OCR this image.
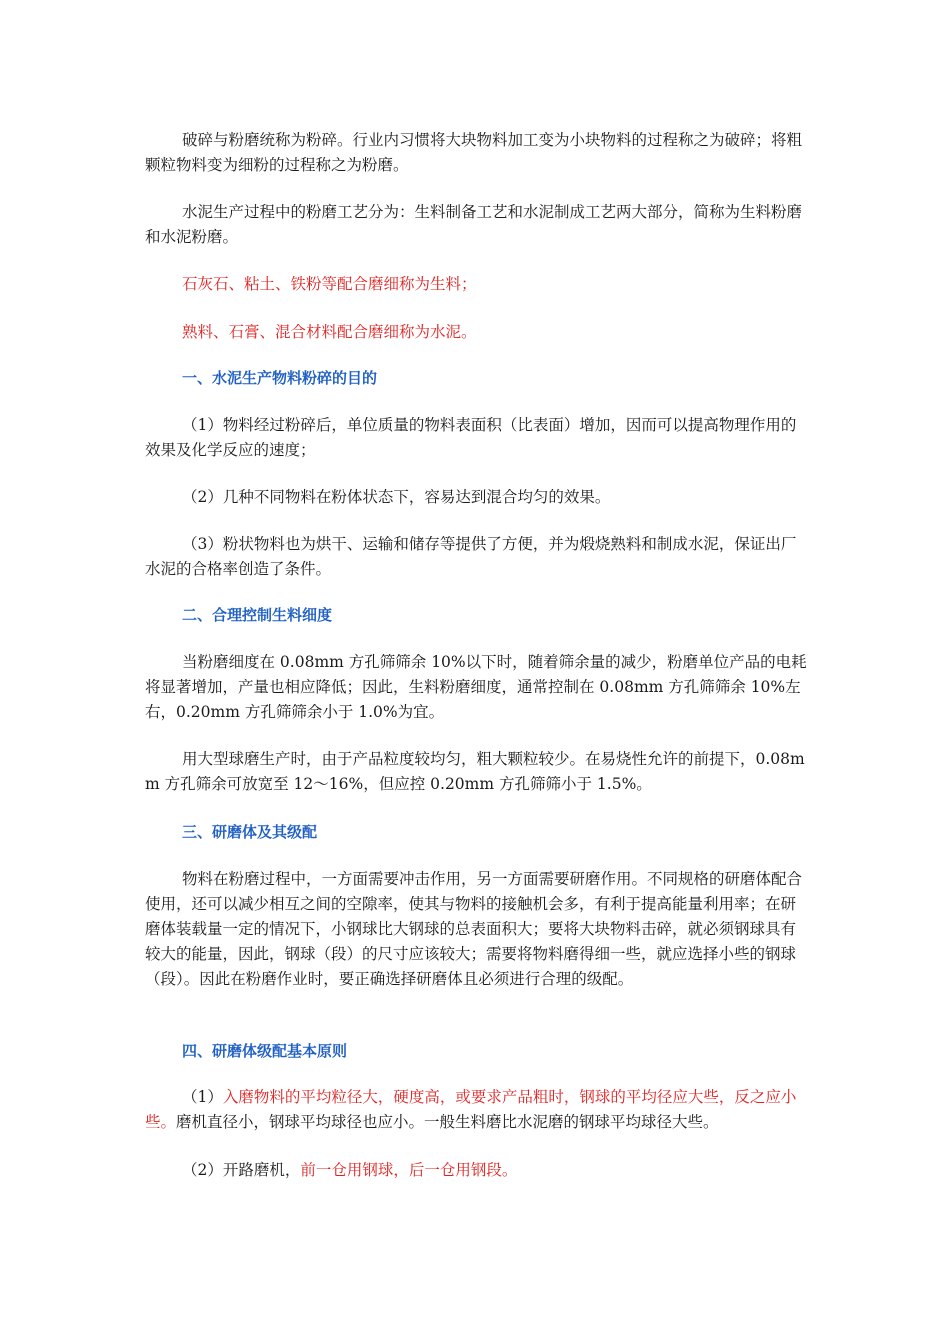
破碎与粉磨统称为粉碎。行业内习惯将大块物料加工变为小块物料的过程称之为破碎；将粗颗粒物料变为细粉的过程称之为粉磨。

水泥生产过程中的粉磨工艺分为：生料制备工艺和水泥制成工艺两大部分，简称为生料粉磨和水泥粉磨。

石灰石、粘土、铁粉等配合磨细称为生料；

熟料、石膏、混合材料配合磨细称为水泥。

一、水泥生产物料粉碎的目的

（1）物料经过粉碎后，单位质量的物料表面积（比表面）增加，因而可以提高物理作用的效果及化学反应的速度；

（2）几种不同物料在粉体状态下，容易达到混合均匀的效果。

（3）粉状物料也为烘干、运输和储存等提供了方便，并为煅烧熟料和制成水泥，保证出厂水泥的合格率创造了条件。

二、合理控制生料细度

当粉磨细度在 0.08mm 方孔筛筛余 10%以下时，随着筛余量的减少，粉磨单位产品的电耗将显著增加，产量也相应降低；因此，生料粉磨细度，通常控制在 0.08mm 方孔筛筛余 10%左右，0.20mm 方孔筛筛余小于 1.0%为宜。

用大型球磨生产时，由于产品粒度较均匀，粗大颗粒较少。在易烧性允许的前提下，0.08mm 方孔筛余可放宽至 12～16%，但应控 0.20mm 方孔筛筛小于 1.5%。

三、研磨体及其级配

物料在粉磨过程中，一方面需要冲击作用，另一方面需要研磨作用。不同规格的研磨体配合使用，还可以减少相互之间的空隙率，使其与物料的接触机会多，有利于提高能量利用率；在研磨体装载量一定的情况下，小钢球比大钢球的总表面积大；要将大块物料击碎，就必须钢球具有较大的能量，因此，钢球（段）的尺寸应该较大；需要将物料磨得细一些，就应选择小些的钢球（段）。因此在粉磨作业时，要正确选择研磨体且必须进行合理的级配。

四、研磨体级配基本原则

（1）入磨物料的平均粒径大，硬度高，或要求产品粗时，钢球的平均径应大些，反之应小些。磨机直径小，钢球平均球径也应小。一般生料磨比水泥磨的钢球平均球径大些。

（2）开路磨机，前一仓用钢球，后一仓用钢段。
